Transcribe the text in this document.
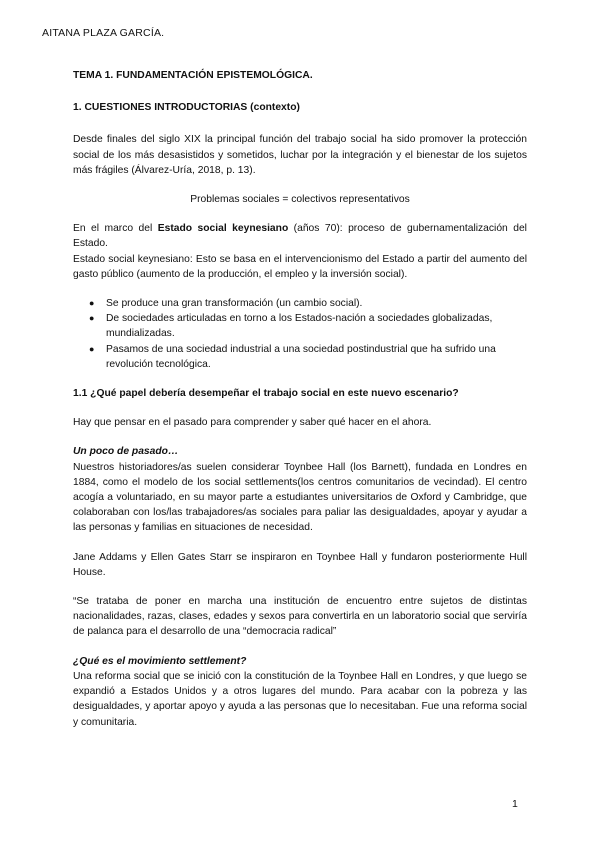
AITANA PLAZA GARCÍA.

TEMA 1. FUNDAMENTACIÓN EPISTEMOLÓGICA.

1. CUESTIONES INTRODUCTORIAS (contexto)

Desde finales del siglo XIX la principal función del trabajo social ha sido promover la protección social de los más desasistidos y sometidos, luchar por la integración y el bienestar de los sujetos más frágiles (Álvarez-Uría, 2018, p. 13).

Problemas sociales = colectivos representativos

En el marco del Estado social keynesiano (años 70): proceso de gubernamentalización del Estado.

Estado social keynesiano: Esto se basa en el intervencionismo del Estado a partir del aumento del gasto público (aumento de la producción, el empleo y la inversión social).

● Se produce una gran transformación (un cambio social).
● De sociedades articuladas en torno a los Estados-nación a sociedades globalizadas, mundializadas.
● Pasamos de una sociedad industrial a una sociedad postindustrial que ha sufrido una revolución tecnológica.

1.1 ¿Qué papel debería desempeñar el trabajo social en este nuevo escenario?

Hay que pensar en el pasado para comprender y saber qué hacer en el ahora.

Un poco de pasado…

Nuestros historiadores/as suelen considerar Toynbee Hall (los Barnett), fundada en Londres en 1884, como el modelo de los social settlements(los centros comunitarios de vecindad). El centro acogía a voluntariado, en su mayor parte a estudiantes universitarios de Oxford y Cambridge, que colaboraban con los/las trabajadores/as sociales para paliar las desigualdades, apoyar y ayudar a las personas y familias en situaciones de necesidad.

Jane Addams y Ellen Gates Starr se inspiraron en Toynbee Hall y fundaron posteriormente Hull House.

“Se trataba de poner en marcha una institución de encuentro entre sujetos de distintas nacionalidades, razas, clases, edades y sexos para convertirla en un laboratorio social que serviría de palanca para el desarrollo de una “democracia radical”

¿Qué es el movimiento settlement?

Una reforma social que se inició con la constitución de la Toynbee Hall en Londres, y que luego se expandió a Estados Unidos y a otros lugares del mundo. Para acabar con la pobreza y las desigualdades, y aportar apoyo y ayuda a las personas que lo necesitaban. Fue una reforma social y comunitaria.

1
